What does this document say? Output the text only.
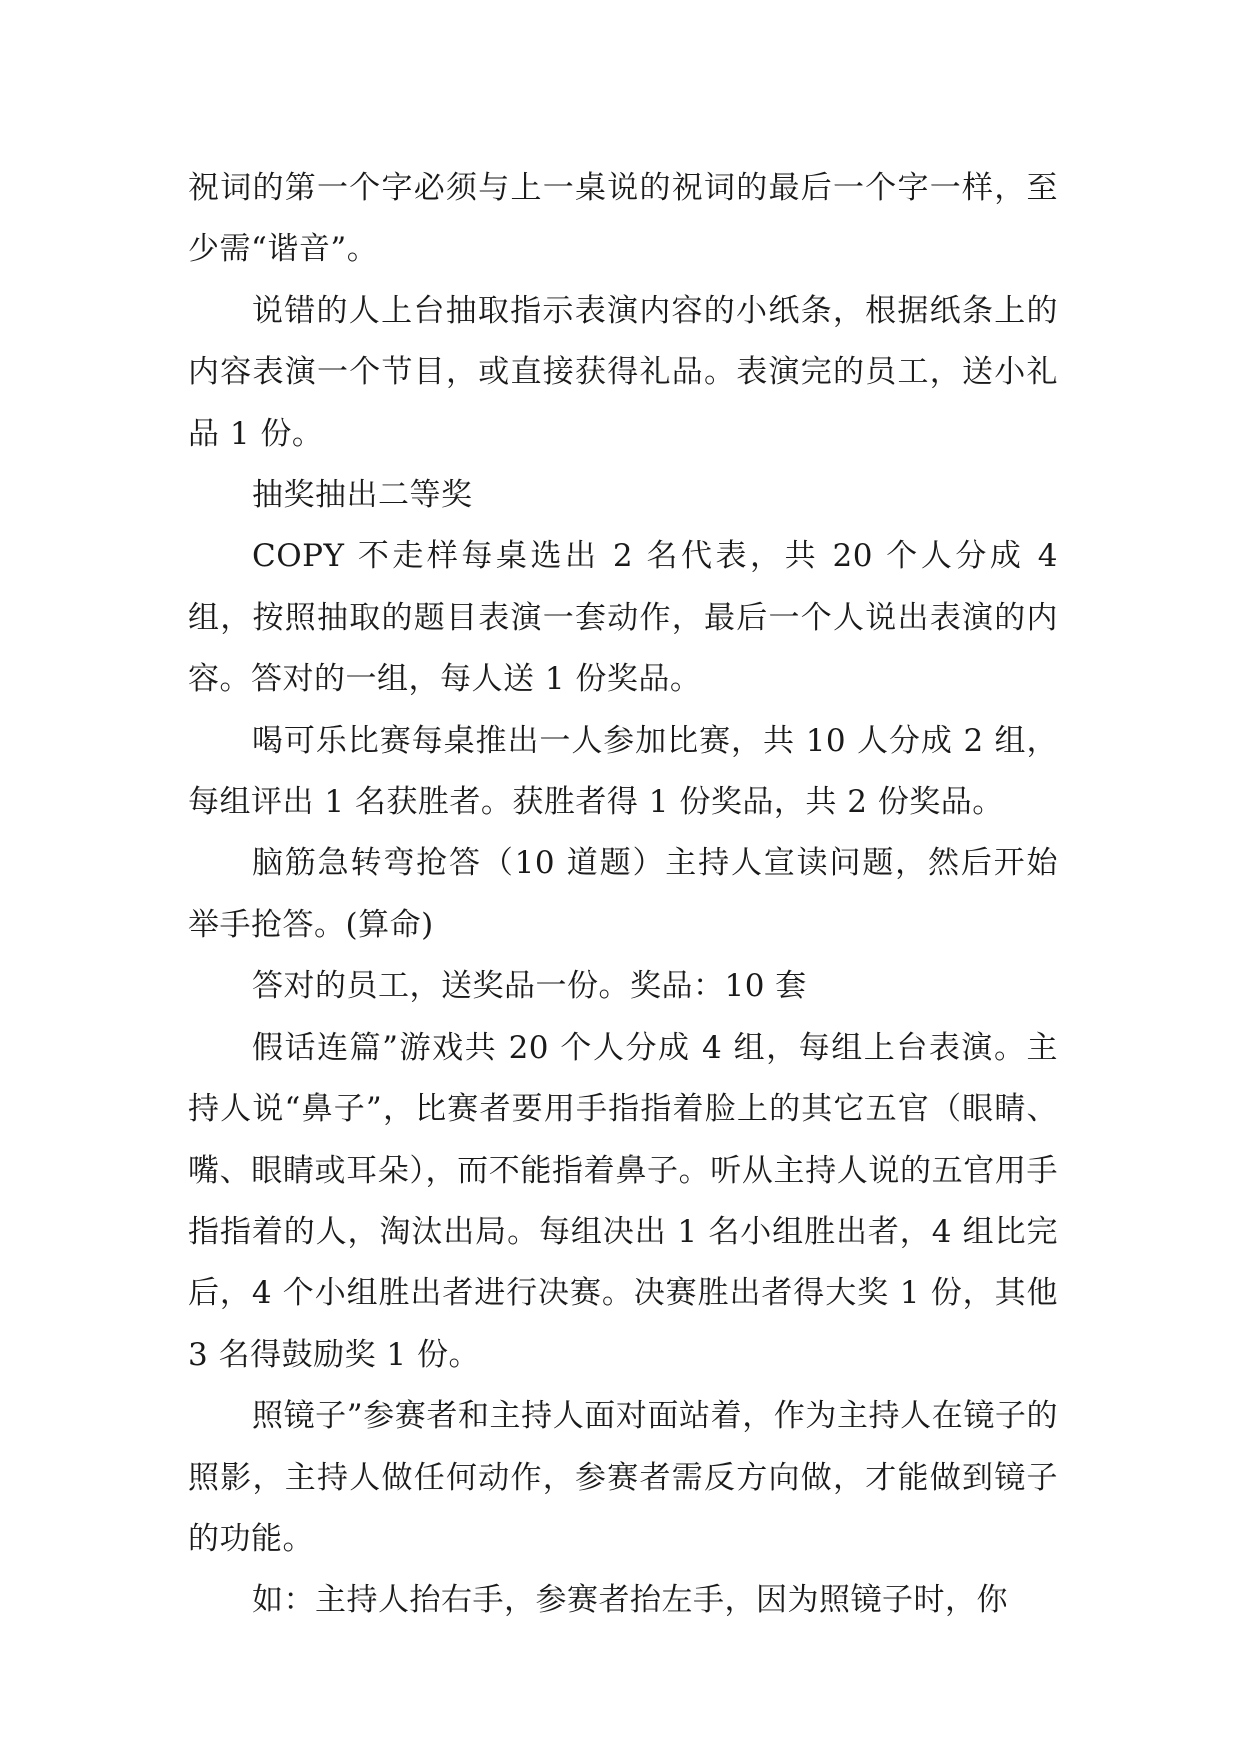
祝词的第一个字必须与上一桌说的祝词的最后一个字一样，至少需“谐音”。

说错的人上台抽取指示表演内容的小纸条，根据纸条上的内容表演一个节目，或直接获得礼品。表演完的员工，送小礼品 1 份。

抽奖抽出二等奖

COPY 不走样每桌选出 2 名代表，共 20 个人分成 4 组，按照抽取的题目表演一套动作，最后一个人说出表演的内容。答对的一组，每人送 1 份奖品。

喝可乐比赛每桌推出一人参加比赛，共 10 人分成 2 组，每组评出 1 名获胜者。获胜者得 1 份奖品，共 2 份奖品。

脑筋急转弯抢答（10 道题）主持人宣读问题，然后开始举手抢答。(算命)

答对的员工，送奖品一份。奖品：10 套

假话连篇”游戏共 20 个人分成 4 组，每组上台表演。主持人说“鼻子”，比赛者要用手指指着脸上的其它五官（眼睛、嘴、眼睛或耳朵），而不能指着鼻子。听从主持人说的五官用手指指着的人，淘汰出局。每组决出 1 名小组胜出者，4 组比完后，4 个小组胜出者进行决赛。决赛胜出者得大奖 1 份，其他 3 名得鼓励奖 1 份。

照镜子”参赛者和主持人面对面站着，作为主持人在镜子的照影，主持人做任何动作，参赛者需反方向做，才能做到镜子的功能。

如：主持人抬右手，参赛者抬左手，因为照镜子时，你
